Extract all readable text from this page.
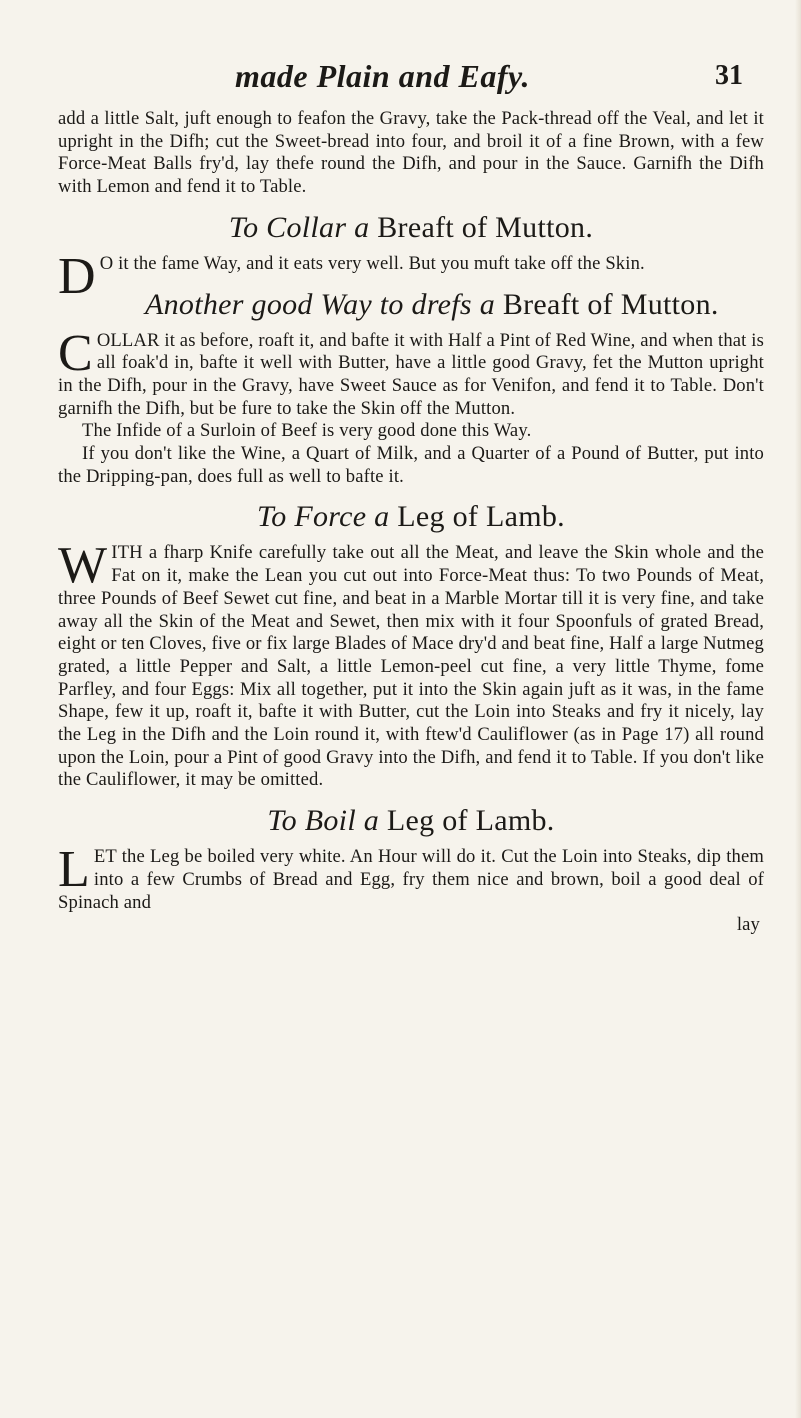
made Plain and Eafy.	31

add a little Salt, juft enough to feafon the Gravy, take the Pack-thread off the Veal, and let it upright in the Difh; cut the Sweet-bread into four, and broil it of a fine Brown, with a few Force-Meat Balls fry'd, lay thefe round the Difh, and pour in the Sauce. Garnifh the Difh with Lemon and fend it to Table.

To Collar a Breaft of Mutton.

D O it the fame Way, and it eats very well. But you muft take off the Skin.

Another good Way to drefs a Breaft of Mutton.

COLLAR it as before, roaft it, and bafte it with Half a Pint of Red Wine, and when that is all foak'd in, bafte it well with Butter, have a little good Gravy, fet the Mutton upright in the Difh, pour in the Gravy, have Sweet Sauce as for Venifon, and fend it to Table. Don't garnifh the Difh, but be fure to take the Skin off the Mutton.

The Infide of a Surloin of Beef is very good done this Way.

If you don't like the Wine, a Quart of Milk, and a Quarter of a Pound of Butter, put into the Dripping-pan, does full as well to bafte it.

To Force a Leg of Lamb.

WITH a fharp Knife carefully take out all the Meat, and leave the Skin whole and the Fat on it, make the Lean you cut out into Force-Meat thus: To two Pounds of Meat, three Pounds of Beef Sewet cut fine, and beat in a Marble Mortar till it is very fine, and take away all the Skin of the Meat and Sewet, then mix with it four Spoonfuls of grated Bread, eight or ten Cloves, five or fix large Blades of Mace dry'd and beat fine, Half a large Nutmeg grated, a little Pepper and Salt, a little Lemon-peel cut fine, a very little Thyme, fome Parfley, and four Eggs: Mix all together, put it into the Skin again juft as it was, in the fame Shape, few it up, roaft it, bafte it with Butter, cut the Loin into Steaks and fry it nicely, lay the Leg in the Difh and the Loin round it, with ftew'd Cauliflower (as in Page 17) all round upon the Loin, pour a Pint of good Gravy into the Difh, and fend it to Table. If you don't like the Cauliflower, it may be omitted.

To Boil a Leg of Lamb.

LET the Leg be boiled very white. An Hour will do it. Cut the Loin into Steaks, dip them into a few Crumbs of Bread and Egg, fry them nice and brown, boil a good deal of Spinach and

lay
